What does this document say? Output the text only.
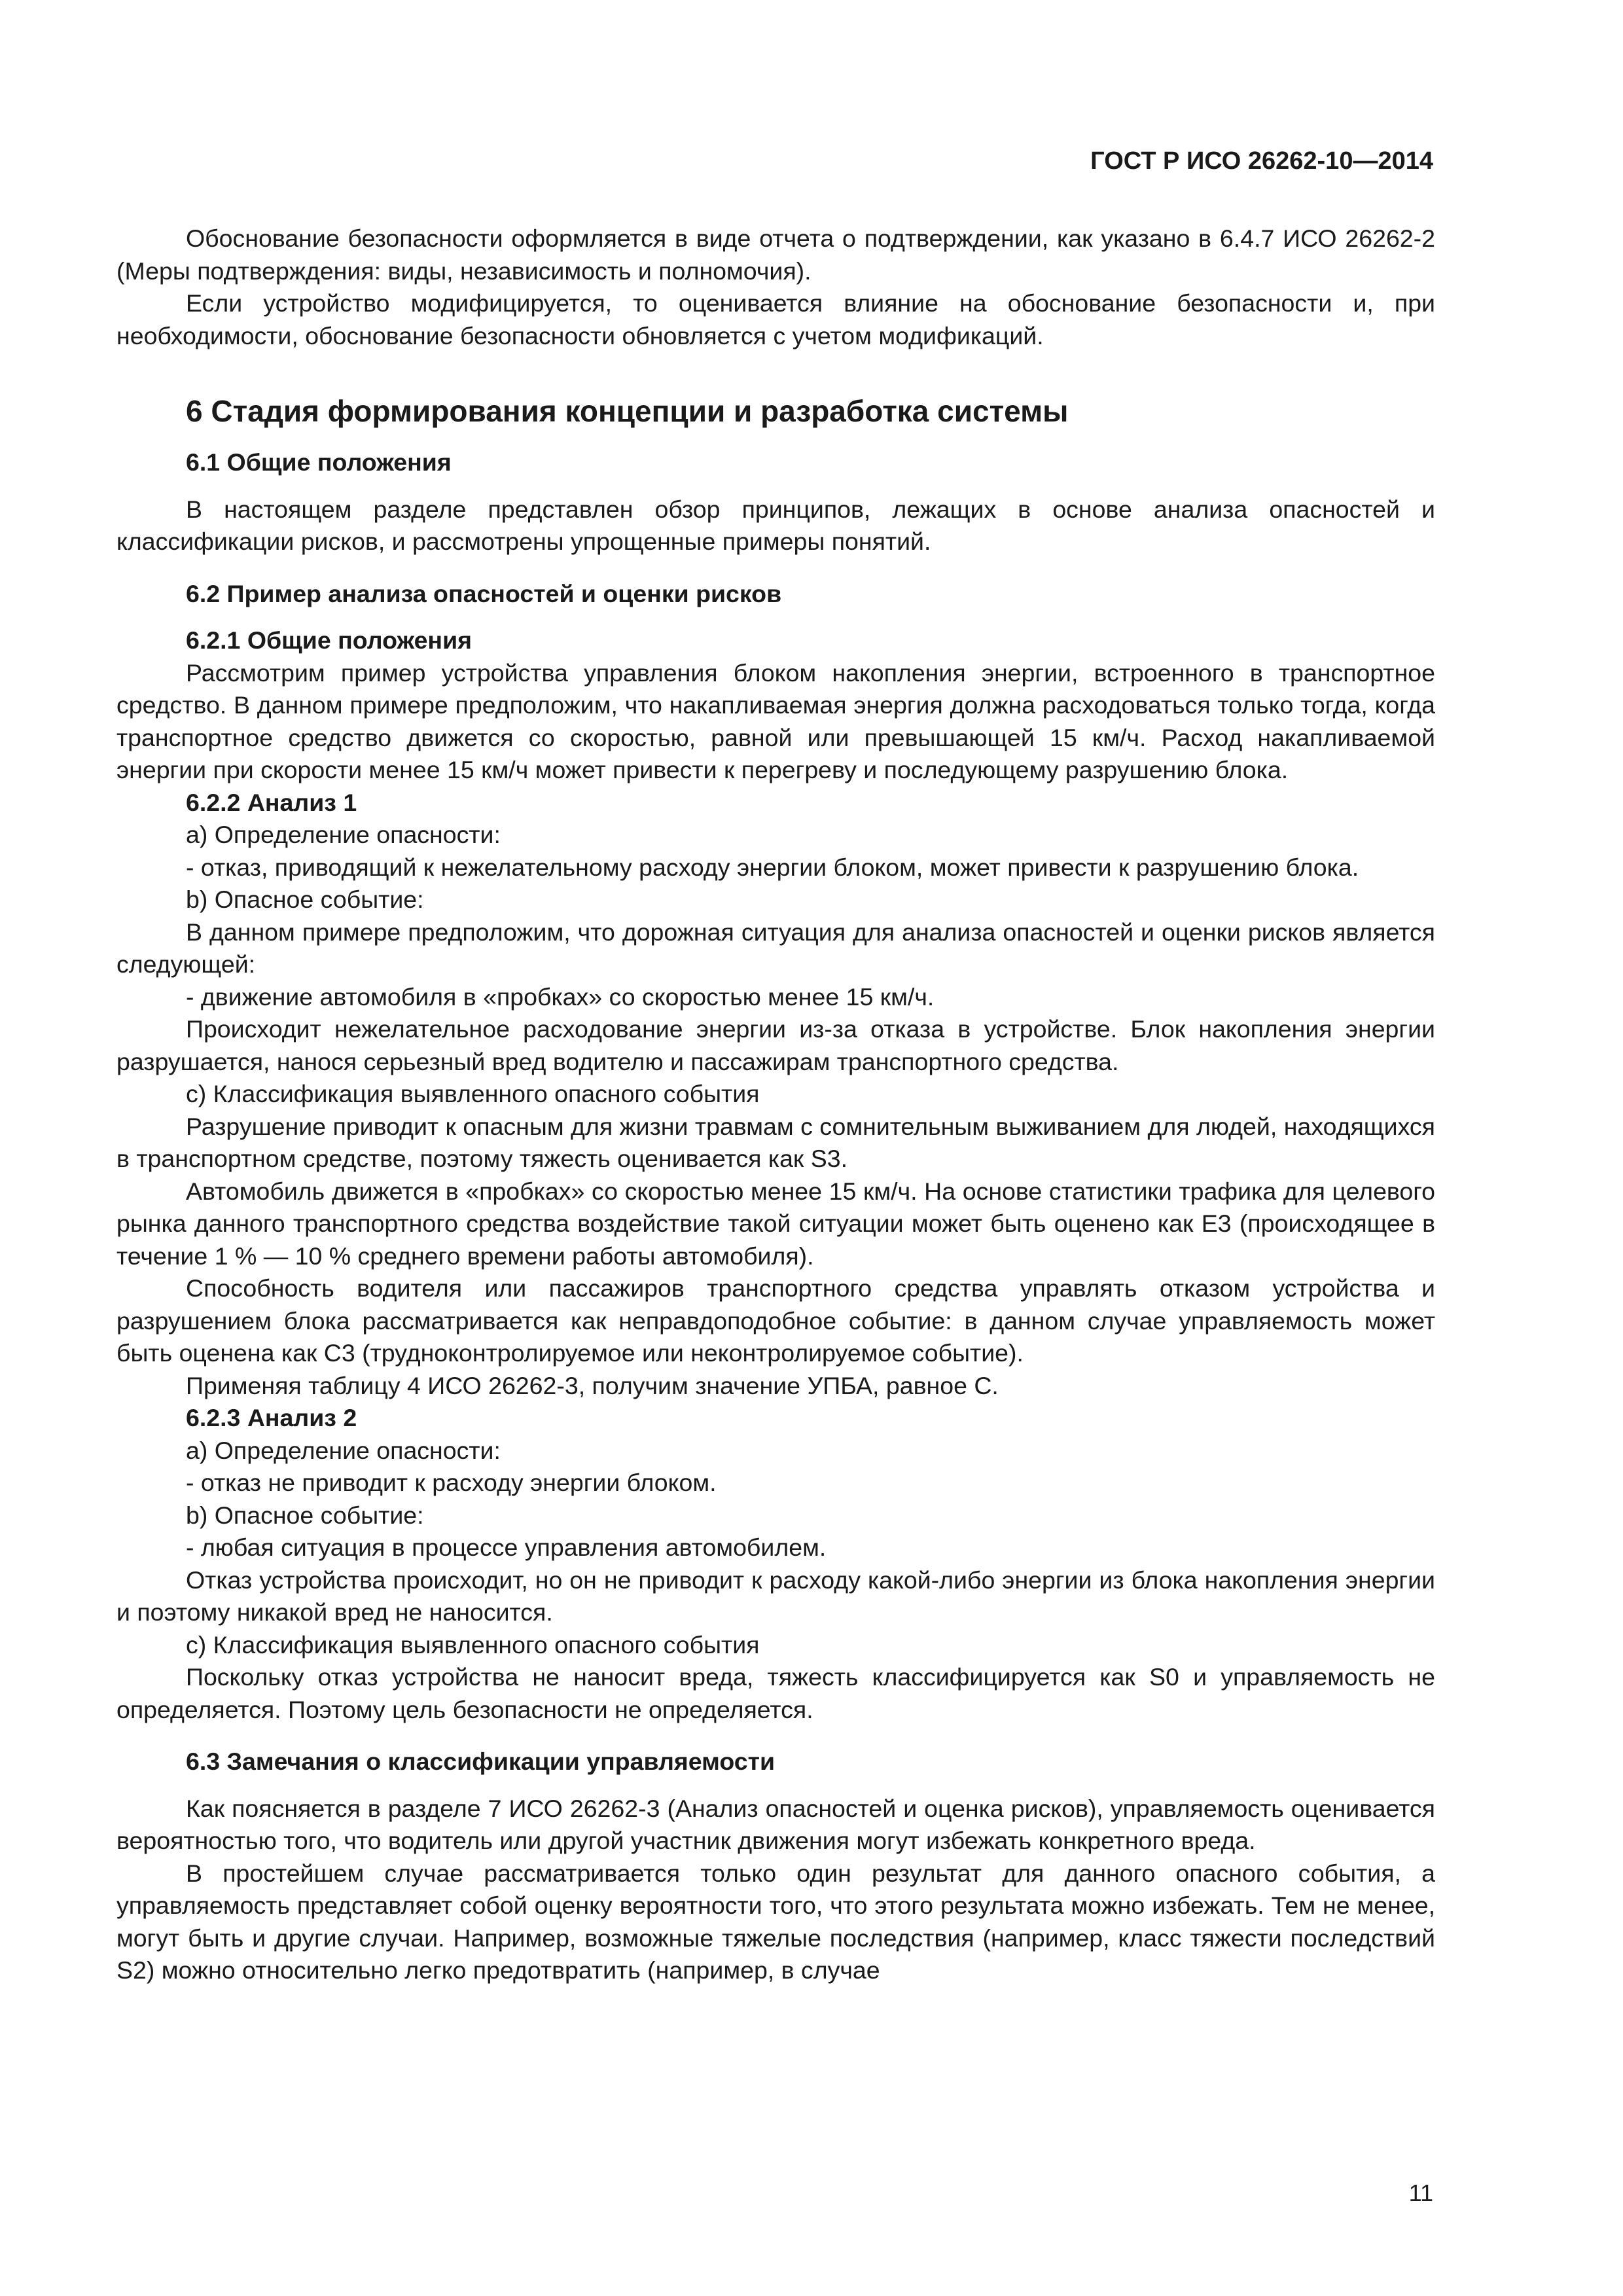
ГОСТ Р ИСО 26262-10—2014

Обоснование безопасности оформляется в виде отчета о подтверждении, как указано в 6.4.7 ИСО 26262-2 (Меры подтверждения: виды, независимость и полномочия).

Если устройство модифицируется, то оценивается влияние на обоснование безопасности и, при необходимости, обоснование безопасности обновляется с учетом модификаций.

6 Стадия формирования концепции и разработка системы
6.1 Общие положения

В настоящем разделе представлен обзор принципов, лежащих в основе анализа опасностей и классификации рисков, и рассмотрены упрощенные примеры понятий.

6.2 Пример анализа опасностей и оценки рисков
6.2.1 Общие положения

Рассмотрим пример устройства управления блоком накопления энергии, встроенного в транспортное средство. В данном примере предположим, что накапливаемая энергия должна расходоваться только тогда, когда транспортное средство движется со скоростью, равной или превышающей 15 км/ч. Расход накапливаемой энергии при скорости менее 15 км/ч может привести к перегреву и последующему разрушению блока.

6.2.2 Анализ 1

а) Определение опасности:

- отказ, приводящий к нежелательному расходу энергии блоком, может привести к разрушению блока.

b) Опасное событие:

В данном примере предположим, что дорожная ситуация для анализа опасностей и оценки рисков является следующей:

- движение автомобиля в «пробках» со скоростью менее 15 км/ч.

Происходит нежелательное расходование энергии из-за отказа в устройстве. Блок накопления энергии разрушается, нанося серьезный вред водителю и пассажирам транспортного средства.

с) Классификация выявленного опасного события

Разрушение приводит к опасным для жизни травмам с сомнительным выживанием для людей, находящихся в транспортном средстве, поэтому тяжесть оценивается как S3.

Автомобиль движется в «пробках» со скоростью менее 15 км/ч. На основе статистики трафика для целевого рынка данного транспортного средства воздействие такой ситуации может быть оценено как Е3 (происходящее в течение 1 % — 10 % среднего времени работы автомобиля).

Способность водителя или пассажиров транспортного средства управлять отказом устройства и разрушением блока рассматривается как неправдоподобное событие: в данном случае управляемость может быть оценена как С3 (трудноконтролируемое или неконтролируемое событие).

Применяя таблицу 4 ИСО 26262-3, получим значение УПБА, равное С.

6.2.3 Анализ 2

а) Определение опасности:

- отказ не приводит к расходу энергии блоком.

b) Опасное событие:

- любая ситуация в процессе управления автомобилем.

Отказ устройства происходит, но он не приводит к расходу какой-либо энергии из блока накопления энергии и поэтому никакой вред не наносится.

с) Классификация выявленного опасного события

Поскольку отказ устройства не наносит вреда, тяжесть классифицируется как S0 и управляемость не определяется. Поэтому цель безопасности не определяется.

6.3 Замечания о классификации управляемости

Как поясняется в разделе 7 ИСО 26262-3 (Анализ опасностей и оценка рисков), управляемость оценивается вероятностью того, что водитель или другой участник движения могут избежать конкретного вреда.

В простейшем случае рассматривается только один результат для данного опасного события, а управляемость представляет собой оценку вероятности того, что этого результата можно избежать. Тем не менее, могут быть и другие случаи. Например, возможные тяжелые последствия (например, класс тяжести последствий S2) можно относительно легко предотвратить (например, в случае

11
